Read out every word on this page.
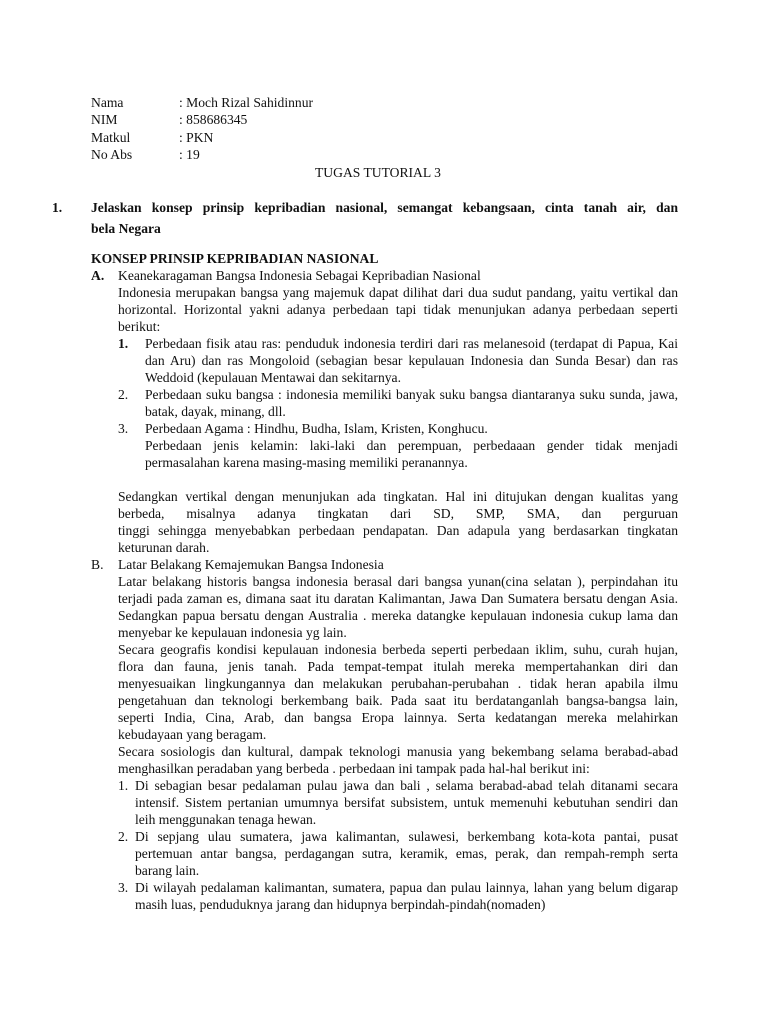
Nama	: Moch Rizal Sahidinnur
NIM	: 858686345
Matkul	: PKN
No Abs	: 19
TUGAS TUTORIAL 3
1. Jelaskan konsep prinsip kepribadian nasional, semangat kebangsaan, cinta tanah air, dan
bela Negara
KONSEP PRINSIP KEPRIBADIAN NASIONAL
A. Keanekaragaman Bangsa Indonesia Sebagai Kepribadian Nasional
Indonesia merupakan bangsa yang majemuk dapat dilihat dari dua sudut pandang, yaitu vertikal dan
horizontal. Horizontal yakni adanya perbedaan tapi tidak menunjukan adanya perbedaan seperti
berikut:
1. Perbedaan fisik atau ras: penduduk indonesia terdiri dari ras melanesoid (terdapat di Papua, Kai
dan Aru) dan ras Mongoloid (sebagian besar kepulauan Indonesia dan Sunda Besar) dan ras
Weddoid (kepulauan Mentawai dan sekitarnya.
2. Perbedaan suku bangsa : indonesia memiliki banyak suku bangsa diantaranya suku sunda, jawa,
batak, dayak, minang, dll.
3. Perbedaan Agama : Hindhu, Budha, Islam, Kristen, Konghucu.
Perbedaan jenis kelamin: laki-laki dan perempuan, perbedaaan gender tidak menjadi
permasalahan karena masing-masing memiliki peranannya.
Sedangkan vertikal dengan menunjukan ada tingkatan. Hal ini ditujukan dengan kualitas yang
berbeda, misalnya adanya tingkatan dari SD, SMP, SMA, dan perguruan
tinggi sehingga menyebabkan perbedaan pendapatan. Dan adapula yang berdasarkan tingkatan
keturunan darah.
B. Latar Belakang Kemajemukan Bangsa Indonesia
Latar belakang historis bangsa indonesia berasal dari bangsa yunan(cina selatan ), perpindahan itu
terjadi pada zaman es, dimana saat itu daratan Kalimantan, Jawa Dan Sumatera bersatu dengan Asia.
Sedangkan papua bersatu dengan Australia . mereka datangke kepulauan indonesia cukup lama dan
menyebar ke kepulauan indonesia yg lain.
Secara geografis kondisi kepulauan indonesia berbeda seperti perbedaan iklim, suhu, curah hujan,
flora dan fauna, jenis tanah. Pada tempat-tempat itulah mereka mempertahankan diri dan
menyesuaikan lingkungannya dan melakukan perubahan-perubahan . tidak heran apabila ilmu
pengetahuan dan teknologi berkembang baik. Pada saat itu berdatanganlah bangsa-bangsa lain,
seperti India, Cina, Arab, dan bangsa Eropa lainnya. Serta kedatangan mereka melahirkan
kebudayaan yang beragam.
Secara sosiologis dan kultural, dampak teknologi manusia yang bekembang selama berabad-abad
menghasilkan peradaban yang berbeda . perbedaan ini tampak pada hal-hal berikut ini:
1. Di sebagian besar pedalaman pulau jawa dan bali , selama berabad-abad telah ditanami secara
intensif. Sistem pertanian umumnya bersifat subsistem, untuk memenuhi kebutuhan sendiri dan
leih menggunakan tenaga hewan.
2. Di sepjang ulau sumatera, jawa kalimantan, sulawesi, berkembang kota-kota pantai, pusat
pertemuan antar bangsa, perdagangan sutra, keramik, emas, perak, dan rempah-remph serta
barang lain.
3. Di wilayah pedalaman kalimantan, sumatera, papua dan pulau lainnya, lahan yang belum digarap
masih luas, penduduknya jarang dan hidupnya berpindah-pindah(nomaden)
